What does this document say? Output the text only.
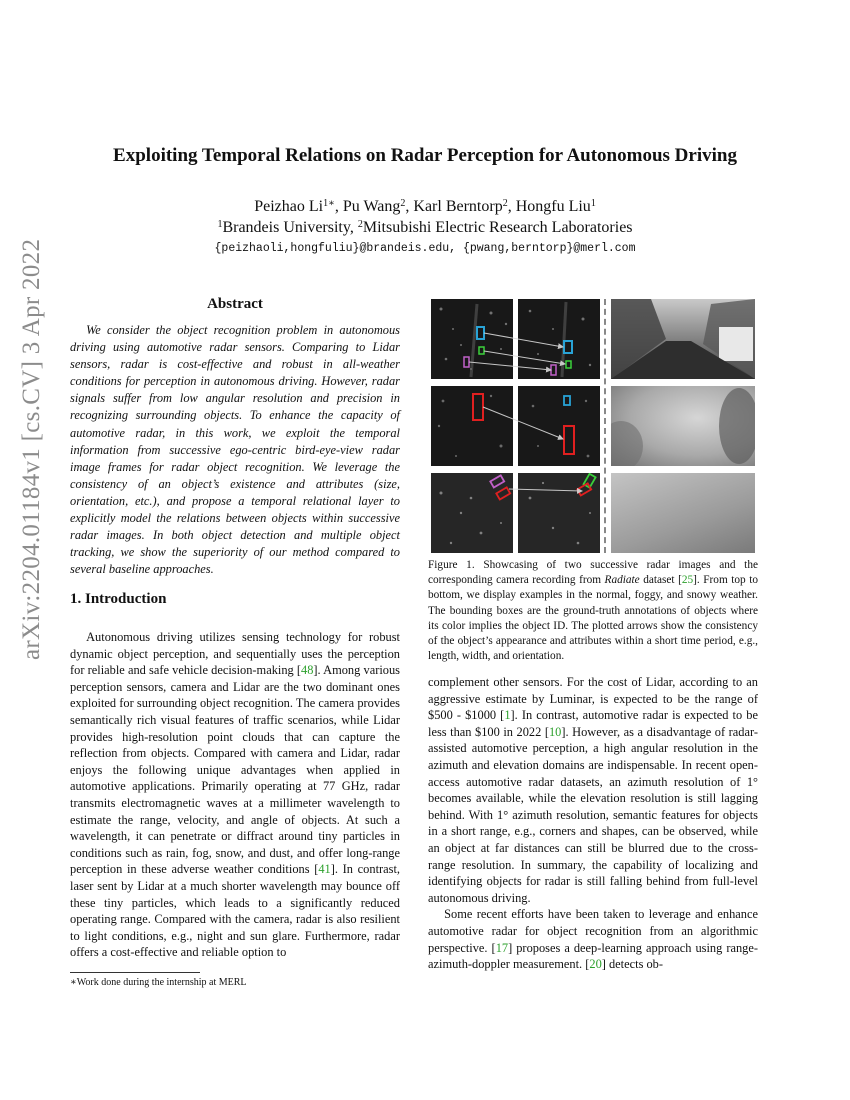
arXiv:2204.01184v1 [cs.CV] 3 Apr 2022
Exploiting Temporal Relations on Radar Perception for Autonomous Driving
Peizhao $Li^{1∗}$, Pu Wang$^2$, Karl Berntorp$^2$, Hongfu Liu$^1$
$^1$Brandeis University, $^2$Mitsubishi Electric Research Laboratories
{peizhaoli,hongfuliu}@brandeis.edu, {pwang,berntorp}@merl.com
Abstract
We consider the object recognition problem in autonomous driving using automotive radar sensors. Comparing to Lidar sensors, radar is cost-effective and robust in all-weather conditions for perception in autonomous driving. However, radar signals suffer from low angular resolution and precision in recognizing surrounding objects. To enhance the capacity of automotive radar, in this work, we exploit the temporal information from successive ego-centric bird-eye-view radar image frames for radar object recognition. We leverage the consistency of an object’s existence and attributes (size, orientation, etc.), and propose a temporal relational layer to explicitly model the relations between objects within successive radar images. In both object detection and multiple object tracking, we show the superiority of our method compared to several baseline approaches.
1. Introduction
Autonomous driving utilizes sensing technology for robust dynamic object perception, and sequentially uses the perception for reliable and safe vehicle decision-making [48]. Among various perception sensors, camera and Lidar are the two dominant ones exploited for surrounding object recognition. The camera provides semantically rich visual features of traffic scenarios, while Lidar provides high-resolution point clouds that can capture the reflection from objects. Compared with camera and Lidar, radar enjoys the following unique advantages when applied in automotive applications. Primarily operating at 77 GHz, radar transmits electromagnetic waves at a millimeter wavelength to estimate the range, velocity, and angle of objects. At such a wavelength, it can penetrate or diffract around tiny particles in conditions such as rain, fog, snow, and dust, and offer long-range perception in these adverse weather conditions [41]. In contrast, laser sent by Lidar at a much shorter wavelength may bounce off these tiny particles, which leads to a significantly reduced operating range. Compared with the camera, radar is also resilient to light conditions, e.g., night and sun glare. Furthermore, radar offers a cost-effective and reliable option to
∗Work done during the internship at MERL
Figure 1. Showcasing of two successive radar images and the corresponding camera recording from Radiate dataset [25]. From top to bottom, we display examples in the normal, foggy, and snowy weather. The bounding boxes are the ground-truth annotations of objects where its color implies the object ID. The plotted arrows show the consistency of the object’s appearance and attributes within a short time period, e.g., length, width, and orientation.

complement other sensors. For the cost of Lidar, according to an aggressive estimate by Luminar, is expected to be the range of $500 - $1000 [1]. In contrast, automotive radar is expected to be less than $100 in 2022 [10]. However, as a disadvantage of radar-assisted automotive perception, a high angular resolution in the azimuth and elevation domains are indispensable. In recent open-access automotive radar datasets, an azimuth resolution of 1° becomes available, while the elevation resolution is still lagging behind. With 1° azimuth resolution, semantic features for objects in a short range, e.g., corners and shapes, can be observed, while an object at far distances can still be blurred due to the cross-range resolution. In summary, the capability of localizing and identifying objects for radar is still falling behind from full-level autonomous driving.

Some recent efforts have been taken to leverage and enhance automotive radar for object recognition from an algorithmic perspective. [17] proposes a deep-learning approach using range-azimuth-doppler measurement. [20] detects ob-
